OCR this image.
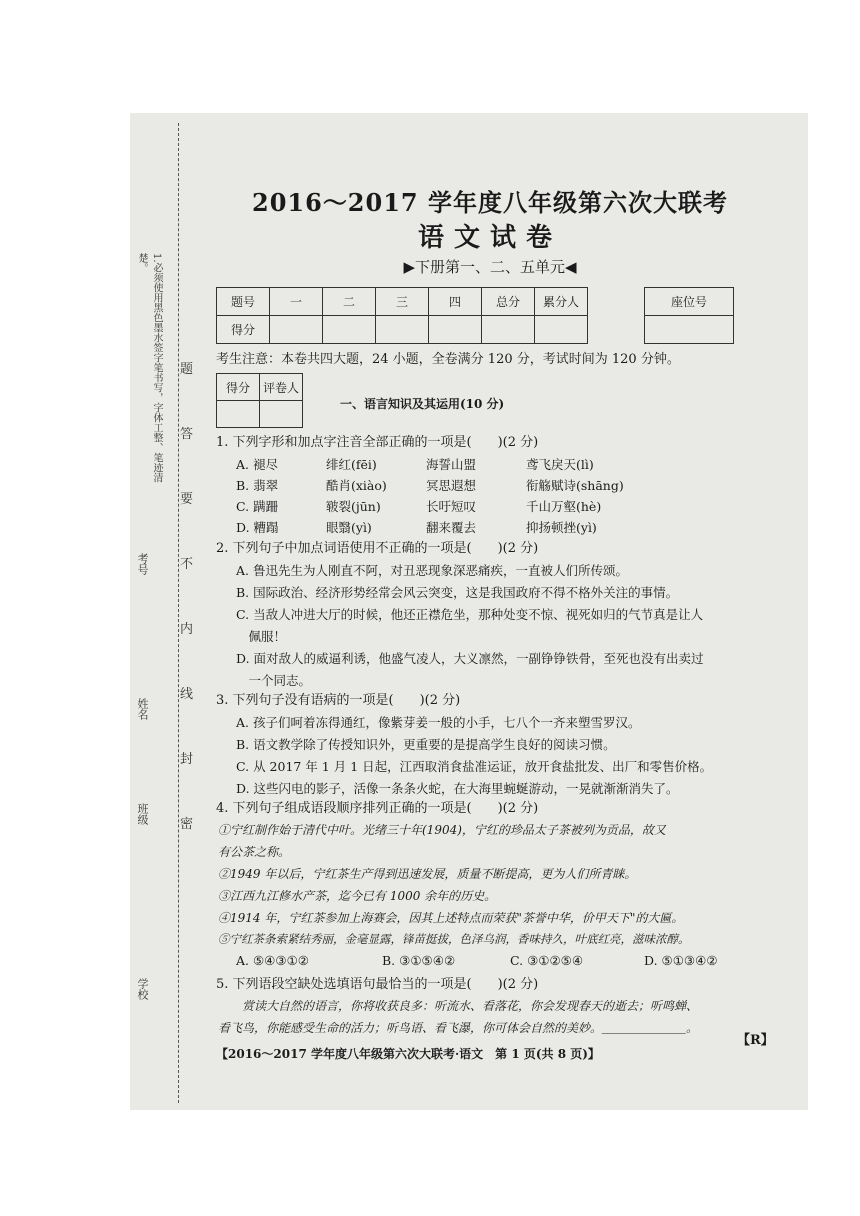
1.必须使用黑色墨水签字笔书写，字体工整、笔迹清楚。
考号
姓名
班级
学校
题
答
要
不
内
线
封
密
2016～2017 学年度八年级第六次大联考
语文试卷
▶下册第一、二、五单元◀
题号	一	二	三	四	总分	累分人
得分						
座位号

考生注意：本卷共四大题，24 小题，全卷满分 120 分，考试时间为 120 分钟。
得分	评卷人

一、语言知识及其运用(10 分)
1. 下列字形和加点字注音全部正确的一项是(　　)(2 分)
A. 褪尽	绯红(fēi)	海誓山盟	鸢飞戾天(lì)
B. 翡翠	酷肖(xiào)	冥思遐想	衔觞赋诗(shāng)
C. 蹒跚	皲裂(jūn)	长吁短叹	千山万壑(hè)
D. 糟蹋	眼翳(yì)	翻来覆去	抑扬顿挫(yì)
2. 下列句子中加点词语使用不正确的一项是(　　)(2 分)
A. 鲁迅先生为人刚直不阿，对丑恶现象深恶痛疾，一直被人们所传颂。
B. 国际政治、经济形势经常会风云突变，这是我国政府不得不格外关注的事情。
C. 当敌人冲进大厅的时候，他还正襟危坐，那种处变不惊、视死如归的气节真是让人
　佩服！
D. 面对敌人的威逼利诱，他盛气凌人，大义凛然，一副铮铮铁骨，至死也没有出卖过
　一个同志。
3. 下列句子没有语病的一项是(　　)(2 分)
A. 孩子们呵着冻得通红，像紫芽姜一般的小手，七八个一齐来塑雪罗汉。
B. 语文教学除了传授知识外，更重要的是提高学生良好的阅读习惯。
C. 从 2017 年 1 月 1 日起，江西取消食盐准运证，放开食盐批发、出厂和零售价格。
D. 这些闪电的影子，活像一条条火蛇，在大海里蜿蜒游动，一晃就渐渐消失了。
4. 下列句子组成语段顺序排列正确的一项是(　　)(2 分)
①宁红制作始于清代中叶。光绪三十年(1904)，宁红的珍品太子茶被列为贡品，故又
有公茶之称。
②1949 年以后，宁红茶生产得到迅速发展，质量不断提高，更为人们所青睐。
③江西九江修水产茶，迄今已有 1000 余年的历史。
④1914 年，宁红茶参加上海赛会，因其上述特点而荣获"茶誉中华，价甲天下"的大匾。
⑤宁红茶条索紧结秀丽，金毫显露，锋苗挺拔，色泽乌润，香味持久，叶底红亮，滋味浓醇。
A. ⑤④③①②	B. ③①⑤④②	C. ③①②⑤④	D. ⑤①③④②
5. 下列语段空缺处选填语句最恰当的一项是(　　)(2 分)
　　赏读大自然的语言，你将收获良多：听流水、看落花，你会发现春天的逝去；听鸣蝉、
看飞鸟，你能感受生命的活力；听鸟语、看飞瀑，你可体会自然的美妙。＿＿＿＿＿＿＿。
【R】
【2016～2017 学年度八年级第六次大联考·语文　第 1 页(共 8 页)】
